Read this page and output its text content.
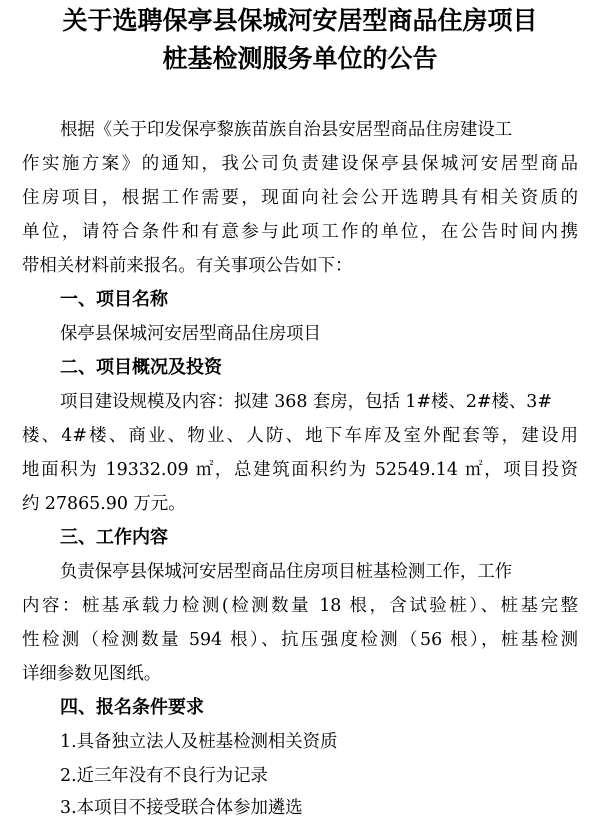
关于选聘保亭县保城河安居型商品住房项目
桩基检测服务单位的公告
根据《关于印发保亭黎族苗族自治县安居型商品住房建设工
作实施方案》的通知，我公司负责建设保亭县保城河安居型商品
住房项目，根据工作需要，现面向社会公开选聘具有相关资质的
单位，请符合条件和有意参与此项工作的单位，在公告时间内携
带相关材料前来报名。有关事项公告如下：
一、项目名称
保亭县保城河安居型商品住房项目
二、项目概况及投资
项目建设规模及内容：拟建 368 套房，包括 1#楼、2#楼、3#
楼、4#楼、商业、物业、人防、地下车库及室外配套等，建设用
地面积为 19332.09 ㎡，总建筑面积约为 52549.14 ㎡，项目投资
约 27865.90 万元。
三、工作内容
负责保亭县保城河安居型商品住房项目桩基检测工作，工作
内容：桩基承载力检测(检测数量 18 根，含试验桩）、桩基完整
性检测（检测数量 594 根）、抗压强度检测（56 根），桩基检测
详细参数见图纸。
四、报名条件要求
1.具备独立法人及桩基检测相关资质
2.近三年没有不良行为记录
3.本项目不接受联合体参加遴选
